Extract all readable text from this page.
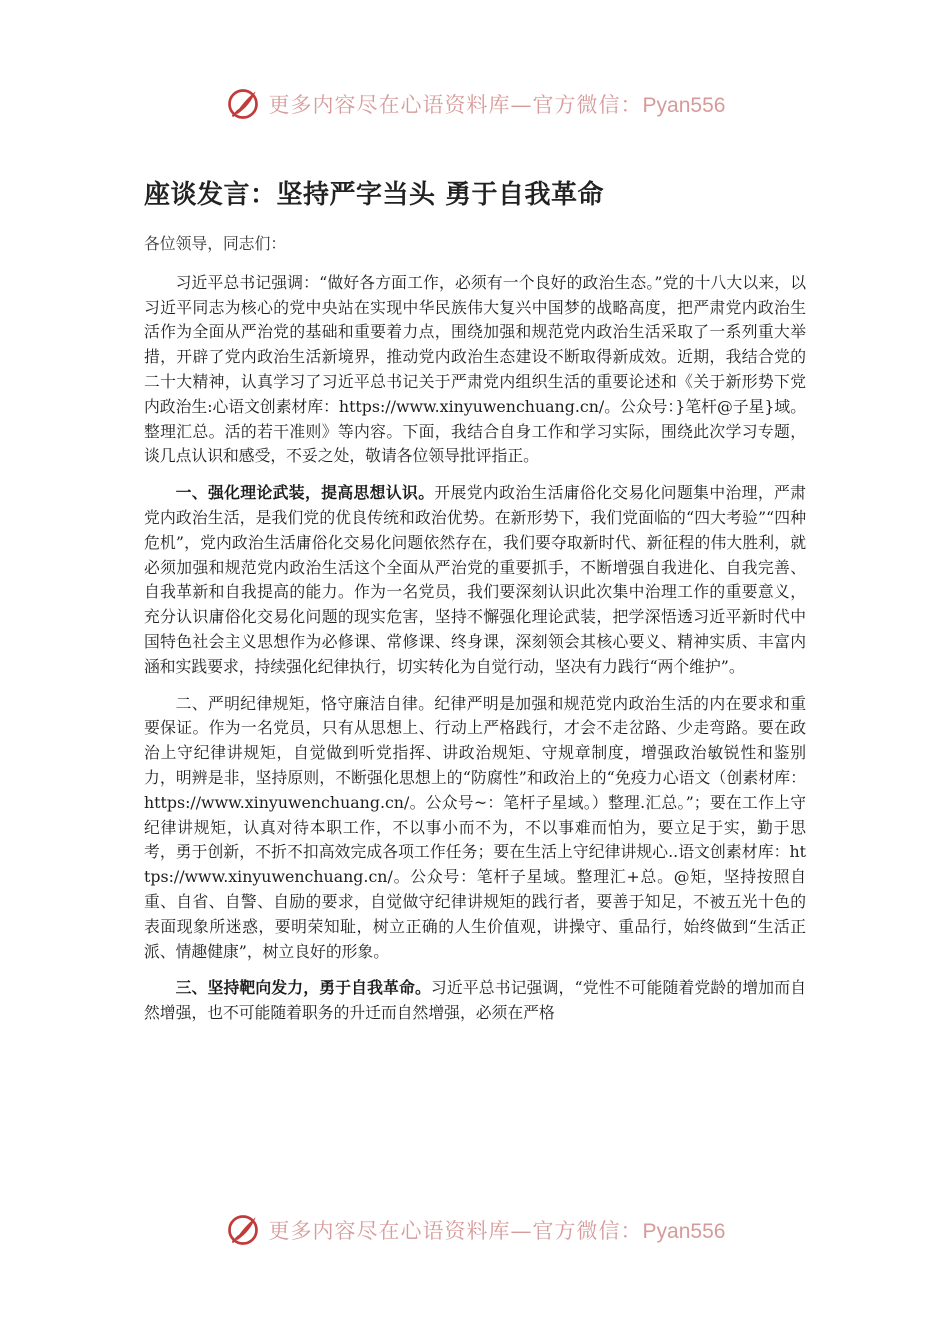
更多内容尽在心语资料库—官方微信：Pyan556
座谈发言：坚持严字当头 勇于自我革命

各位领导，同志们：

习近平总书记强调：“做好各方面工作，必须有一个良好的政治生态。”党的十八大以来，以习近平同志为核心的党中央站在实现中华民族伟大复兴中国梦的战略高度，把严肃党内政治生活作为全面从严治党的基础和重要着力点，围绕加强和规范党内政治生活采取了一系列重大举措，开辟了党内政治生活新境界，推动党内政治生态建设不断取得新成效。近期，我结合党的二十大精神，认真学习了习近平总书记关于严肃党内组织生活的重要论述和《关于新形势下党内政治生:心语文创素材库：https://www.xinyuwenchuang.cn/。公众号：}笔杆@子星}域。整理汇总。活的若干准则》等内容。下面，我结合自身工作和学习实际，围绕此次学习专题，谈几点认识和感受，不妥之处，敬请各位领导批评指正。

一、强化理论武装，提高思想认识。开展党内政治生活庸俗化交易化问题集中治理，严肃党内政治生活，是我们党的优良传统和政治优势。在新形势下，我们党面临的“四大考验”“四种危机”，党内政治生活庸俗化交易化问题依然存在，我们要夺取新时代、新征程的伟大胜利，就必须加强和规范党内政治生活这个全面从严治党的重要抓手，不断增强自我进化、自我完善、自我革新和自我提高的能力。作为一名党员，我们要深刻认识此次集中治理工作的重要意义，充分认识庸俗化交易化问题的现实危害，坚持不懈强化理论武装，把学深悟透习近平新时代中国特色社会主义思想作为必修课、常修课、终身课，深刻领会其核心要义、精神实质、丰富内涵和实践要求，持续强化纪律执行，切实转化为自觉行动，坚决有力践行“两个维护”。

二、严明纪律规矩，恪守廉洁自律。纪律严明是加强和规范党内政治生活的内在要求和重要保证。作为一名党员，只有从思想上、行动上严格践行，才会不走岔路、少走弯路。要在政治上守纪律讲规矩，自觉做到听党指挥、讲政治规矩、守规章制度，增强政治敏锐性和鉴别力，明辨是非，坚持原则，不断强化思想上的“防腐性”和政治上的“免疫力心语文（创素材库：https://www.xinyuwenchuang.cn/。公众号~：笔杆子星域。）整理.汇总。”；要在工作上守纪律讲规矩，认真对待本职工作，不以事小而不为，不以事难而怕为，要立足于实，勤于思考，勇于创新，不折不扣高效完成各项工作任务；要在生活上守纪律讲规心..语文创素材库：https://www.xinyuwenchuang.cn/。公众号：笔杆子星域。整理汇+总。@矩，坚持按照自重、自省、自警、自励的要求，自觉做守纪律讲规矩的践行者，要善于知足，不被五光十色的表面现象所迷惑，要明荣知耻，树立正确的人生价值观，讲操守、重品行，始终做到“生活正派、情趣健康”，树立良好的形象。

三、坚持靶向发力，勇于自我革命。习近平总书记强调，“党性不可能随着党龄的增加而自然增强，也不可能随着职务的升迁而自然增强，必须在严格

更多内容尽在心语资料库—官方微信：Pyan556
